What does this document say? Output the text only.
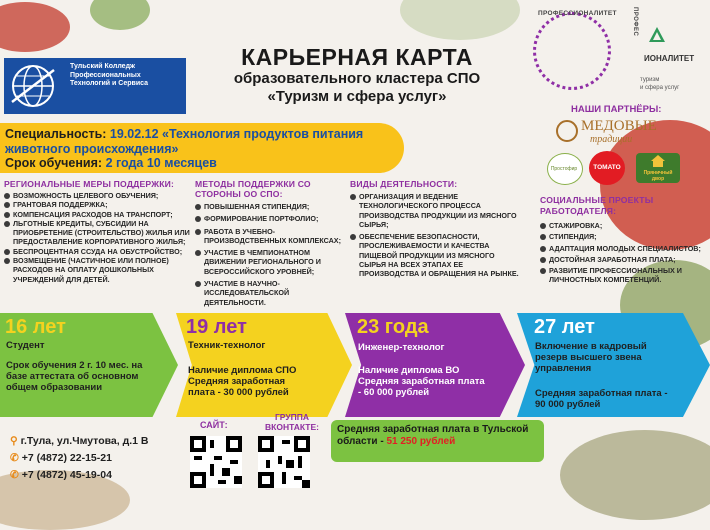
Тульский Колледж Профессиональных Технологий и Сервиса
КАРЬЕРНАЯ КАРТА
образовательного кластера СПО
«Туризм и сфера услуг»
ПРОФЕССИОНАЛИТЕТ	ПРОФЕС
ИОНАЛИТЕТ
туризм
и сфера услуг
НАШИ ПАРТНЁРЫ:
МЕДОВЫЕ
традиции
Простофир TOMATO
Пряничный двор
Специальность: 19.02.12 «Технология продуктов питания животного происхождения»
Срок обучения: 2 года 10 месяцев
РЕГИОНАЛЬНЫЕ МЕРЫ ПОДДЕРЖКИ:
ВОЗМОЖНОСТЬ ЦЕЛЕВОГО ОБУЧЕНИЯ;
ГРАНТОВАЯ ПОДДЕРЖКА;
КОМПЕНСАЦИЯ РАСХОДОВ НА ТРАНСПОРТ;
ЛЬГОТНЫЕ КРЕДИТЫ, СУБСИДИИ НА ПРИОБРЕТЕНИЕ (СТРОИТЕЛЬСТВО) ЖИЛЬЯ ИЛИ ПРЕДОСТАВЛЕНИЕ КОРПОРАТИВНОГО ЖИЛЬЯ;
БЕСПРОЦЕНТНАЯ ССУДА НА ОБУСТРОЙСТВО;
ВОЗМЕЩЕНИЕ (ЧАСТИЧНОЕ ИЛИ ПОЛНОЕ) РАСХОДОВ НА ОПЛАТУ ДОШКОЛЬНЫХ УЧРЕЖДЕНИЙ ДЛЯ ДЕТЕЙ.
МЕТОДЫ ПОДДЕРЖКИ СО СТОРОНЫ ОО СПО:
ПОВЫШЕННАЯ СТИПЕНДИЯ;
ФОРМИРОВАНИЕ ПОРТФОЛИО;
РАБОТА В УЧЕБНО-ПРОИЗВОДСТВЕННЫХ КОМПЛЕКСАХ;
УЧАСТИЕ В ЧЕМПИОНАТНОМ ДВИЖЕНИИ РЕГИОНАЛЬНОГО И ВСЕРОССИЙСКОГО УРОВНЕЙ;
УЧАСТИЕ В НАУЧНО-ИССЛЕДОВАТЕЛЬСКОЙ ДЕЯТЕЛЬНОСТИ.
ВИДЫ ДЕЯТЕЛЬНОСТИ:
ОРГАНИЗАЦИЯ И ВЕДЕНИЕ ТЕХНОЛОГИЧЕСКОГО ПРОЦЕССА ПРОИЗВОДСТВА ПРОДУКЦИИ ИЗ МЯСНОГО СЫРЬЯ;
ОБЕСПЕЧЕНИЕ БЕЗОПАСНОСТИ, ПРОСЛЕЖИВАЕМОСТИ И КАЧЕСТВА ПИЩЕВОЙ ПРОДУКЦИИ ИЗ МЯСНОГО СЫРЬЯ НА ВСЕХ ЭТАПАХ ЕЕ ПРОИЗВОДСТВА И ОБРАЩЕНИЯ НА РЫНКЕ.
СОЦИАЛЬНЫЕ ПРОЕКТЫ РАБОТОДАТЕЛЯ:
СТАЖИРОВКА;
СТИПЕНДИЯ;
АДАПТАЦИЯ МОЛОДЫХ СПЕЦИАЛИСТОВ;
ДОСТОЙНАЯ ЗАРАБОТНАЯ ПЛАТА;
РАЗВИТИЕ ПРОФЕССИОНАЛЬНЫХ И ЛИЧНОСТНЫХ КОМПЕТЕНЦИЙ.
16 лет
Студент
Срок обучения 2 г. 10 мес. на базе аттестата об основном общем образовании
19 лет
Техник-технолог
Наличие диплома СПО Средняя заработная плата - 30 000 рублей
23 года
Инженер-технолог
Наличие диплома ВО Средняя заработная плата - 60 000 рублей
27 лет
Включение в кадровый резерв высшего звена управления
Средняя заработная плата - 90 000 рублей
⚲ г.Тула, ул.Чмутова, д.1 В
✆ +7 (4872) 22-15-21
✆ +7 (4872) 45-19-04
САЙТ:
ГРУППА ВКОНТАКТЕ:	Средняя заработная плата в Тульской области - 51 250 рублей
